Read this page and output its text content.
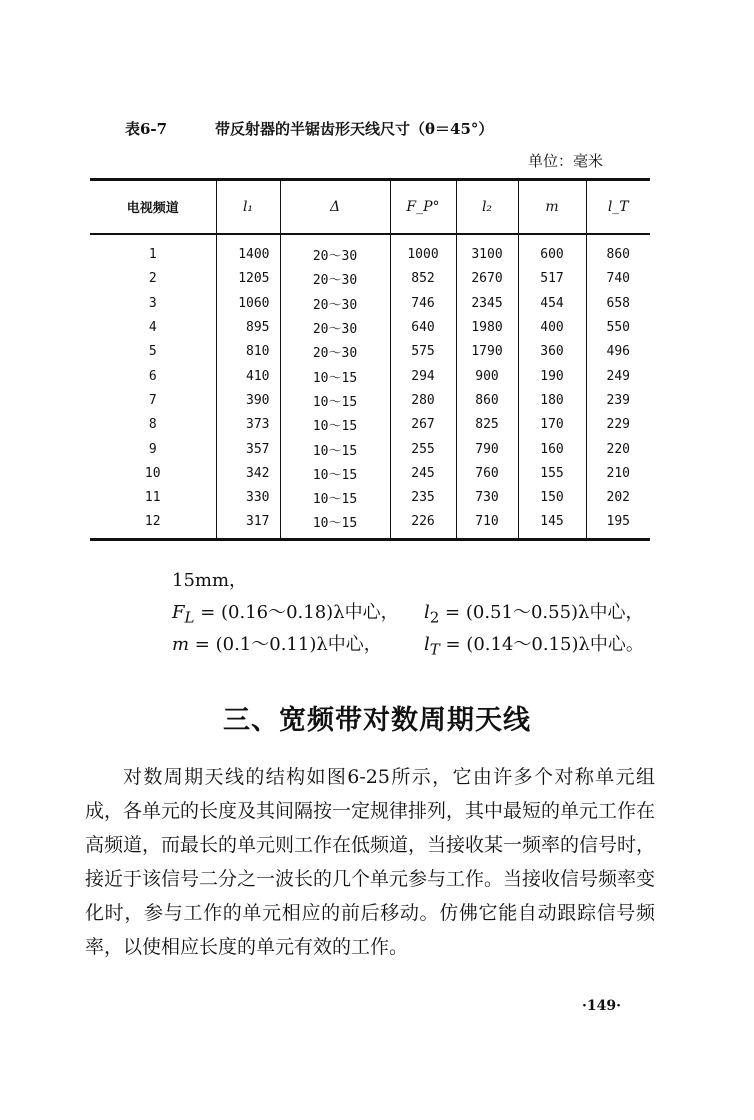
表6-7	带反射器的半锯齿形天线尺寸（θ＝45°）
单位：毫米
电视频道	l₁	Δ	F_P°	l₂	m	l_T
1	1400	20～30	1000	3100	600	860
2	1205	20～30	852	2670	517	740
3	1060	20～30	746	2345	454	658
4	895	20～30	640	1980	400	550
5	810	20～30	575	1790	360	496
6	410	10～15	294	900	190	249
7	390	10～15	280	860	180	239
8	373	10～15	267	825	170	229
9	357	10～15	255	790	160	220
10	342	10～15	245	760	155	210
11	330	10～15	235	730	150	202
12	317	10～15	226	710	145	195
15mm，
$F_L$ = (0.16～0.18)λ中心， $l_2$ = (0.51～0.55)λ中心，
m = (0.1～0.11)λ中心， $l_T$ = (0.14～0.15)λ中心。
三、宽频带对数周期天线

对数周期天线的结构如图6-25所示，它由许多个对称单元组成，各单元的长度及其间隔按一定规律排列，其中最短的单元工作在高频道，而最长的单元则工作在低频道，当接收某一频率的信号时，接近于该信号二分之一波长的几个单元参与工作。当接收信号频率变化时，参与工作的单元相应的前后移动。仿佛它能自动跟踪信号频率，以使相应长度的单元有效的工作。

·149·
